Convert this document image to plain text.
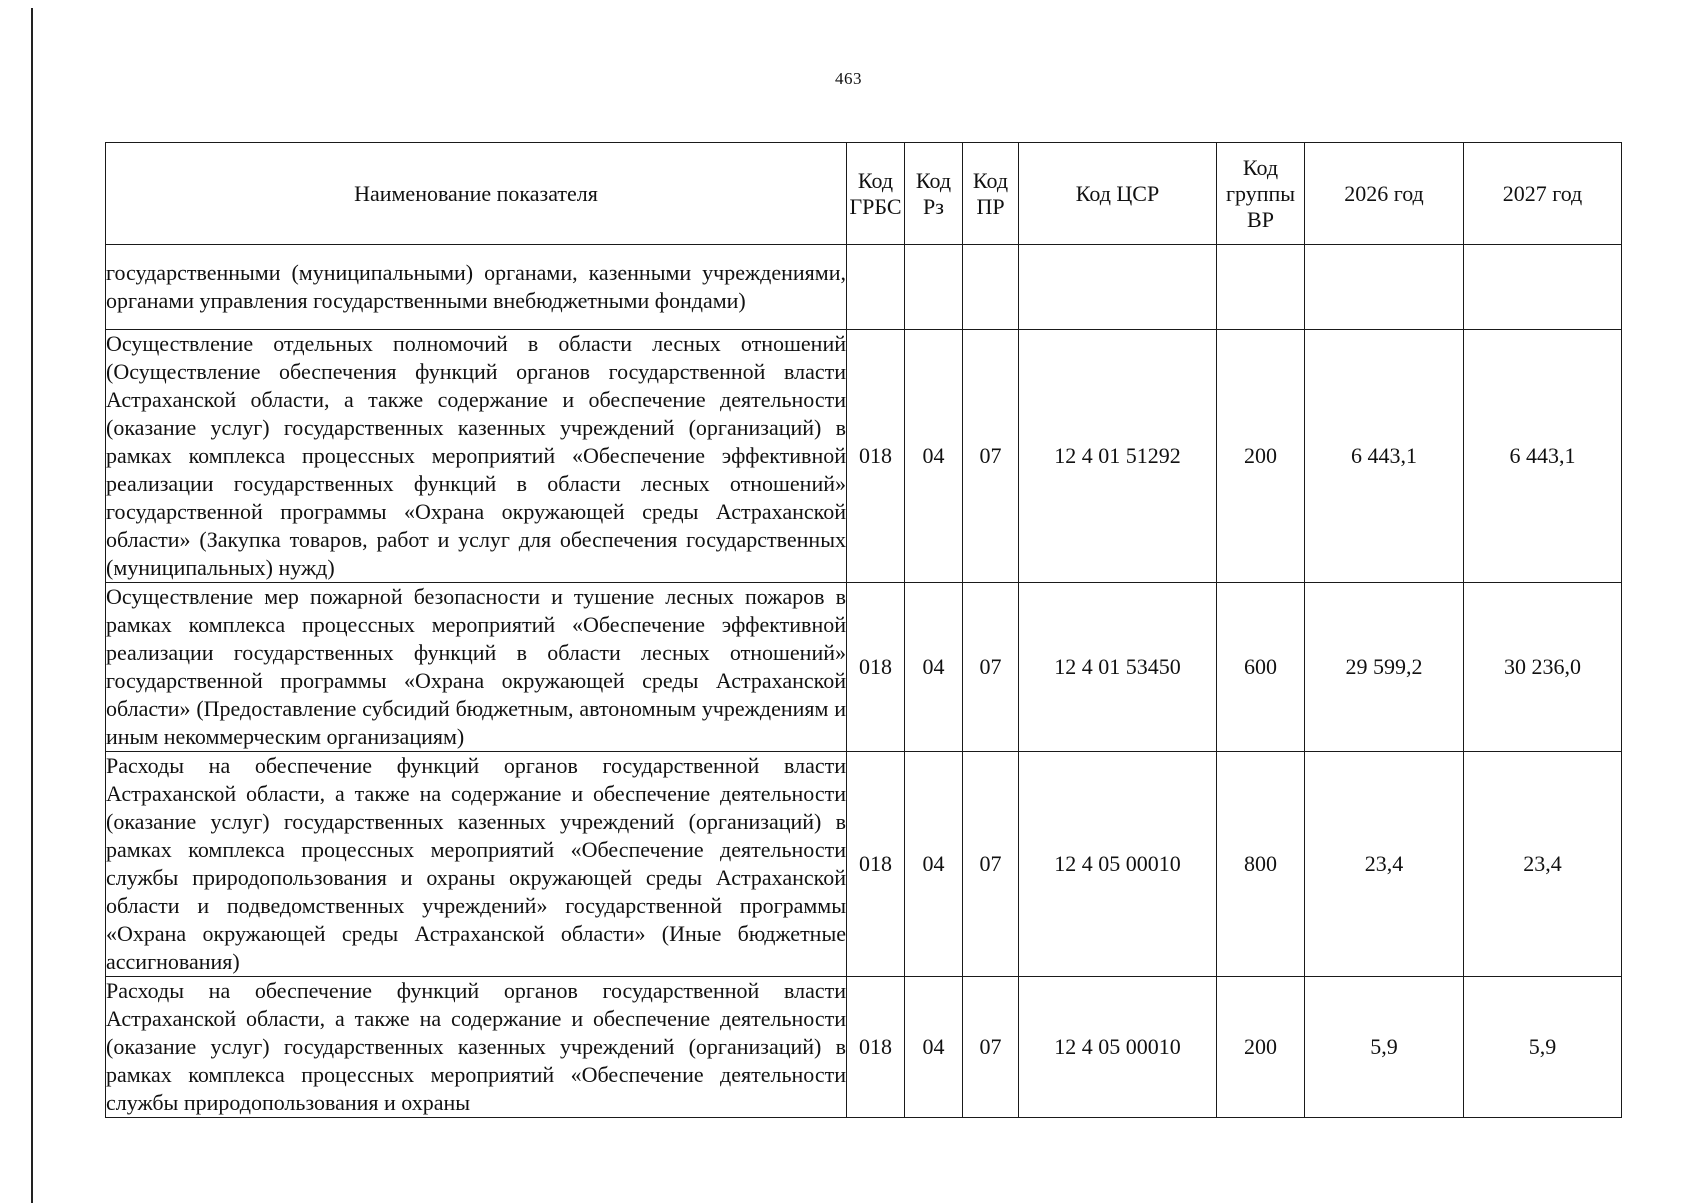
463
Наименование показателя	Код ГРБС	Код Рз	Код ПР	Код ЦСР	Код группы ВР	2026 год	2027 год

государственными (муниципальными) органами, казенными учреждениями, органами управления государственными внебюджетными фондами)							
Осуществление отдельных полномочий в области лесных отношений (Осуществление обеспечения функций органов государственной власти Астраханской области, а также содержание и обеспечение деятельности (оказание услуг) государственных казенных учреждений (организаций) в рамках комплекса процессных мероприятий «Обеспечение эффективной реализации государственных функций в области лесных отношений» государственной программы «Охрана окружающей среды Астраханской области» (Закупка товаров, работ и услуг для обеспечения государственных (муниципальных) нужд)	018	04	07	12 4 01 51292	200	6 443,1	6 443,1
Осуществление мер пожарной безопасности и тушение лесных пожаров в рамках комплекса процессных мероприятий «Обеспечение эффективной реализации государственных функций в области лесных отношений» государственной программы «Охрана окружающей среды Астраханской области» (Предоставление субсидий бюджетным, автономным учреждениям и иным некоммерческим организациям)	018	04	07	12 4 01 53450	600	29 599,2	30 236,0
Расходы на обеспечение функций органов государственной власти Астраханской области, а также на содержание и обеспечение деятельности (оказание услуг) государственных казенных учреждений (организаций) в рамках комплекса процессных мероприятий «Обеспечение деятельности службы природопользования и охраны окружающей среды Астраханской области и подведомственных учреждений» государственной программы «Охрана окружающей среды Астраханской области» (Иные бюджетные ассигнования)	018	04	07	12 4 05 00010	800	23,4	23,4
Расходы на обеспечение функций органов государственной власти Астраханской области, а также на содержание и обеспечение деятельности (оказание услуг) государственных казенных учреждений (организаций) в рамках комплекса процессных мероприятий «Обеспечение деятельности службы природопользования и охраны	018	04	07	12 4 05 00010	200	5,9	5,9
